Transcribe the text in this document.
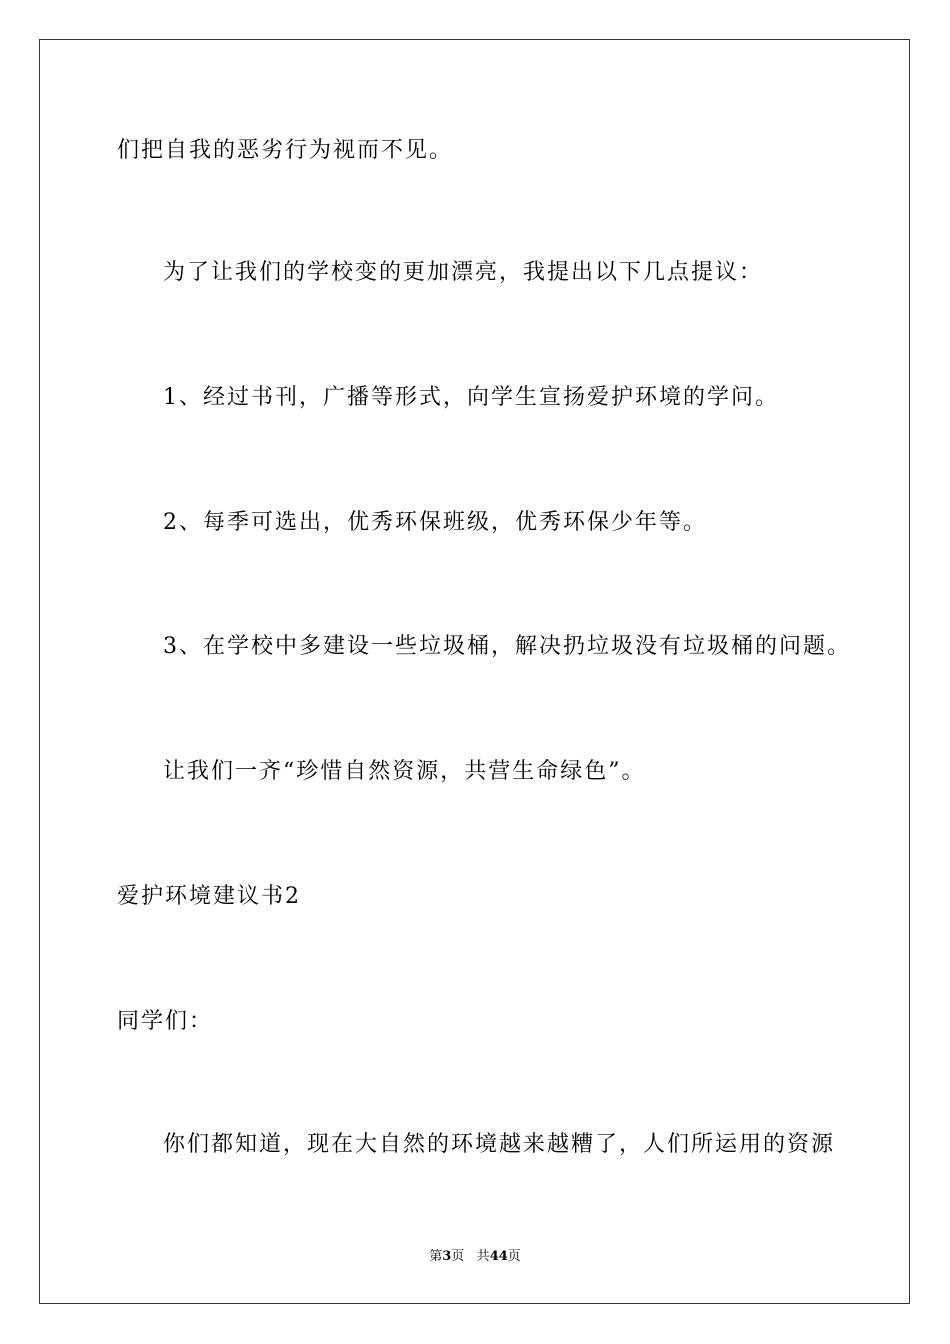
们把自我的恶劣行为视而不见。
为了让我们的学校变的更加漂亮，我提出以下几点提议：
1、经过书刊，广播等形式，向学生宣扬爱护环境的学问。
2、每季可选出，优秀环保班级，优秀环保少年等。
3、在学校中多建设一些垃圾桶，解决扔垃圾没有垃圾桶的问题。
让我们一齐“珍惜自然资源，共营生命绿色”。
爱护环境建议书2
同学们：
你们都知道，现在大自然的环境越来越糟了，人们所运用的资源
第3页 共44页
